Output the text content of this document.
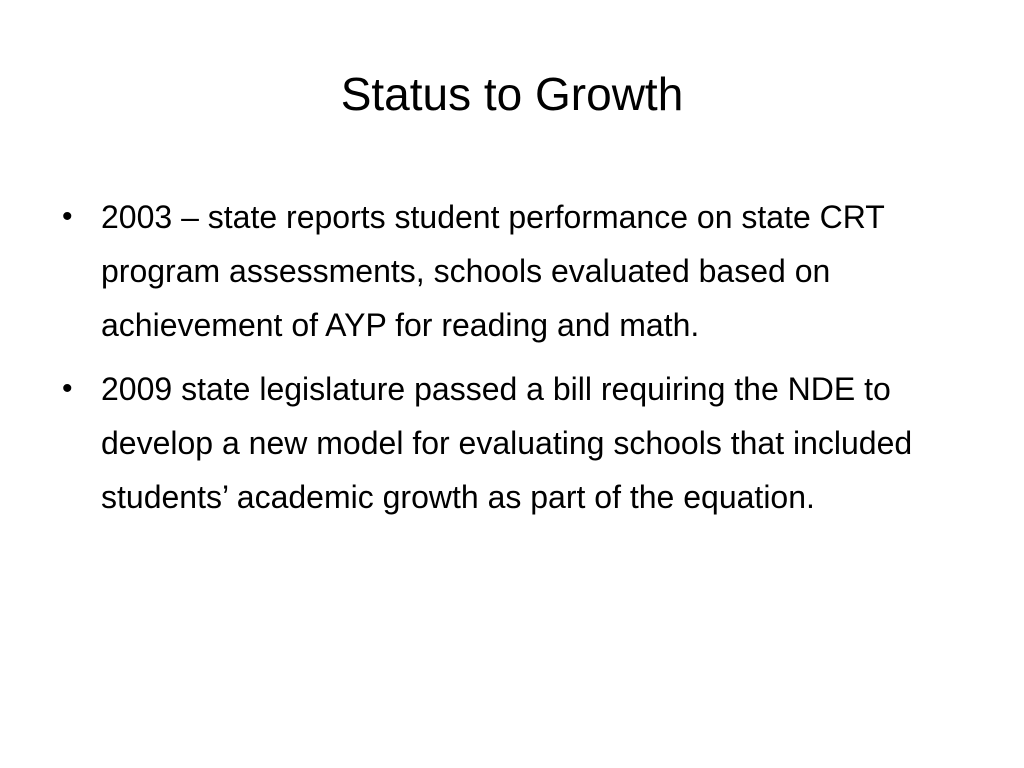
Status to Growth
• 2003 – state reports student performance on state CRT program assessments, schools evaluated based on achievement of AYP for reading and math.
• 2009 state legislature passed a bill requiring the NDE to develop a new model for evaluating schools that included students’ academic growth as part of the equation.
